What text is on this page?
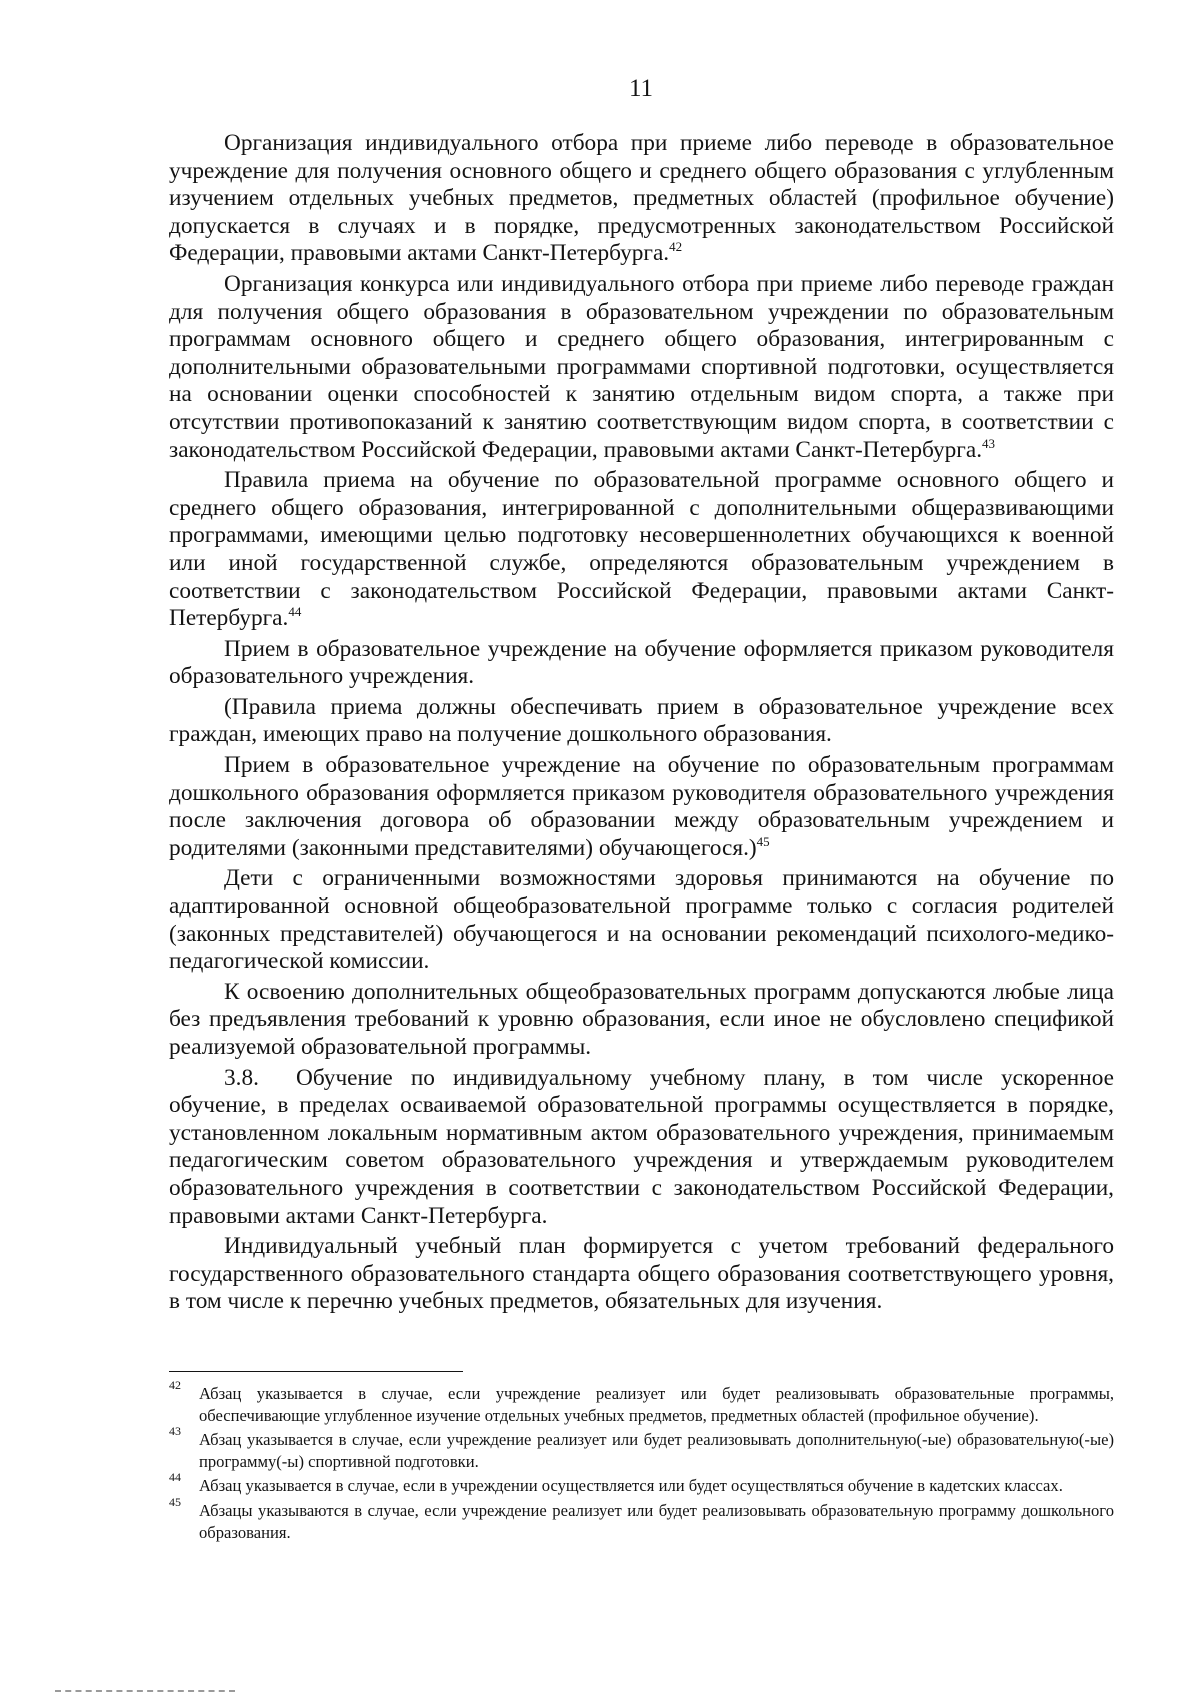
11

Организация индивидуального отбора при приеме либо переводе в образовательное учреждение для получения основного общего и среднего общего образования с углубленным изучением отдельных учебных предметов, предметных областей (профильное обучение) допускается в случаях и в порядке, предусмотренных законодательством Российской Федерации, правовыми актами Санкт-Петербурга.$^{42}$

Организация конкурса или индивидуального отбора при приеме либо переводе граждан для получения общего образования в образовательном учреждении по образовательным программам основного общего и среднего общего образования, интегрированным с дополнительными образовательными программами спортивной подготовки, осуществляется на основании оценки способностей к занятию отдельным видом спорта, а также при отсутствии противопоказаний к занятию соответствующим видом спорта, в соответствии с законодательством Российской Федерации, правовыми актами Санкт-Петербурга.$^{43}$

Правила приема на обучение по образовательной программе основного общего и среднего общего образования, интегрированной с дополнительными общеразвивающими программами, имеющими целью подготовку несовершеннолетних обучающихся к военной или иной государственной службе, определяются образовательным учреждением в соответствии с законодательством Российской Федерации, правовыми актами Санкт-Петербурга.$^{44}$

Прием в образовательное учреждение на обучение оформляется приказом руководителя образовательного учреждения.

(Правила приема должны обеспечивать прием в образовательное учреждение всех граждан, имеющих право на получение дошкольного образования.

Прием в образовательное учреждение на обучение по образовательным программам дошкольного образования оформляется приказом руководителя образовательного учреждения после заключения договора об образовании между образовательным учреждением и родителями (законными представителями) обучающегося.)$^{45}$

Дети с ограниченными возможностями здоровья принимаются на обучение по адаптированной основной общеобразовательной программе только с согласия родителей (законных представителей) обучающегося и на основании рекомендаций психолого-медико-педагогической комиссии.

К освоению дополнительных общеобразовательных программ допускаются любые лица без предъявления требований к уровню образования, если иное не обусловлено спецификой реализуемой образовательной программы.

3.8. Обучение по индивидуальному учебному плану, в том числе ускоренное обучение, в пределах осваиваемой образовательной программы осуществляется в порядке, установленном локальным нормативным актом образовательного учреждения, принимаемым педагогическим советом образовательного учреждения и утверждаемым руководителем образовательного учреждения в соответствии с законодательством Российской Федерации, правовыми актами Санкт-Петербурга.

Индивидуальный учебный план формируется с учетом требований федерального государственного образовательного стандарта общего образования соответствующего уровня, в том числе к перечню учебных предметов, обязательных для изучения.

42 Абзац указывается в случае, если учреждение реализует или будет реализовывать образовательные программы, обеспечивающие углубленное изучение отдельных учебных предметов, предметных областей (профильное обучение).
43 Абзац указывается в случае, если учреждение реализует или будет реализовывать дополнительную(-ые) образовательную(-ые) программу(-ы) спортивной подготовки.
44 Абзац указывается в случае, если в учреждении осуществляется или будет осуществляться обучение в кадетских классах.
45 Абзацы указываются в случае, если учреждение реализует или будет реализовывать образовательную программу дошкольного образования.
